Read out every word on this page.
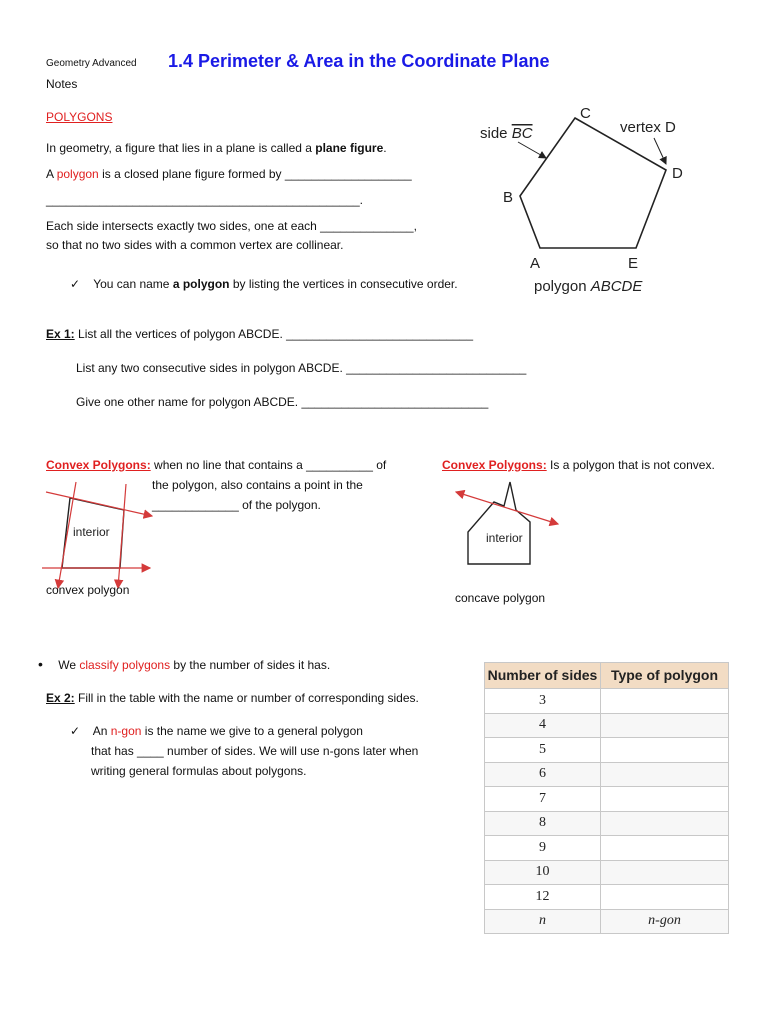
Geometry Advanced
Notes
1.4 Perimeter & Area in the Coordinate Plane
POLYGONS
In geometry, a figure that lies in a plane is called a plane figure.
A polygon is a closed plane figure formed by ___________________
_______________________________________________.
Each side intersects exactly two sides, one at each ______________,
so that no two sides with a common vertex are collinear.
✓ You can name a polygon by listing the vertices in consecutive order.
side BC	vertex D
C
D
B
A	E
polygon ABCDE
Ex 1: List all the vertices of polygon ABCDE. ____________________________
List any two consecutive sides in polygon ABCDE. ___________________________
Give one other name for polygon ABCDE. ____________________________
Convex Polygons: when no line that contains a __________ of
the polygon, also contains a point in the
_____________ of the polygon.
interior
convex polygon
Convex Polygons: Is a polygon that is not convex.
interior
concave polygon
• We classify polygons by the number of sides it has.
Ex 2: Fill in the table with the name or number of corresponding sides.
✓ An n-gon is the name we give to a general polygon
that has ____ number of sides. We will use n-gons later when
writing general formulas about polygons.
Number of sides	Type of polygon
3	
4	
5	
6	
7	
8	
9	
10	
12	
n	n-gon
